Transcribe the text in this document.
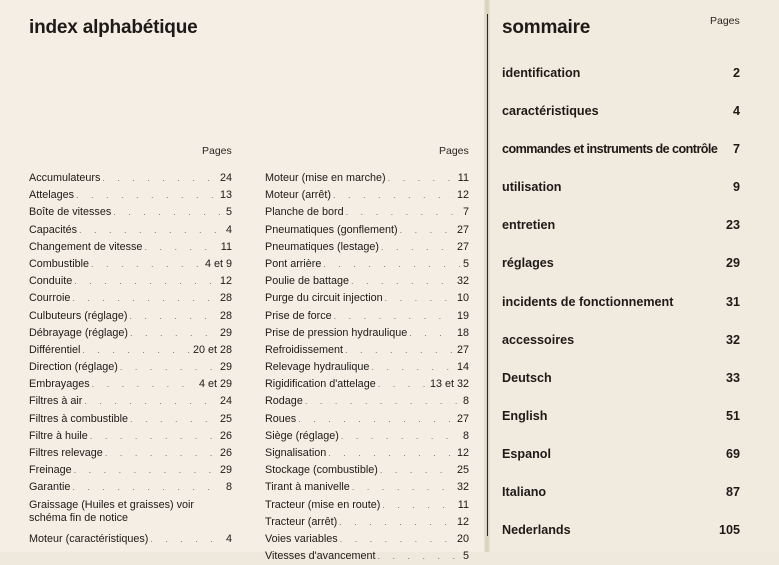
index alphabétique
Pages	Pages
Accumulateurs . . .	24
Attelages . . .	13
Boîte de vitesses . . .	5
Capacités . . .	4
Changement de vitesse . . .	11
Combustible . . .	4 et 9
Conduite . . .	12
Courroie . . .	28
Culbuteurs (réglage) . . .	28
Débrayage (réglage) . . .	29
Différentiel . . .	20 et 28
Direction (réglage) . . .	29
Embrayages . . .	4 et 29
Filtres à air . . .	24
Filtres à combustible . . .	25
Filtre à huile . . .	26
Filtres relevage . . .	26
Freinage . . .	29
Garantie . . .	8
Graissage (Huiles et graisses) voir schéma fin de notice
Moteur (caractéristiques) . . .	4
Moteur (mise en marche) . . .	11
Moteur (arrêt) . . .	12
Planche de bord . . .	7
Pneumatiques (gonflement) . . .	27
Pneumatiques (lestage) . . .	27
Pont arrière . . .	5
Poulie de battage . . .	32
Purge du circuit injection . . .	10
Prise de force . . .	19
Prise de pression hydraulique . . .	18
Refroidissement . . .	27
Relevage hydraulique . . .	14
Rigidification d'attelage . . .	13 et 32
Rodage . . .	8
Roues . . .	27
Siège (réglage) . . .	8
Signalisation . . .	12
Stockage (combustible) . . .	25
Tirant à manivelle . . .	32
Tracteur (mise en route) . . .	11
Tracteur (arrêt) . . .	12
Voies variables . . .	20
Vitesses d'avancement . . .	5
sommaire	Pages
identification	2
caractéristiques	4
commandes et instruments de contrôle 7
utilisation	9
entretien	23
réglages	29
incidents de fonctionnement	31
accessoires	32
Deutsch	33
English	51
Espanol	69
Italiano	87
Nederlands	105
